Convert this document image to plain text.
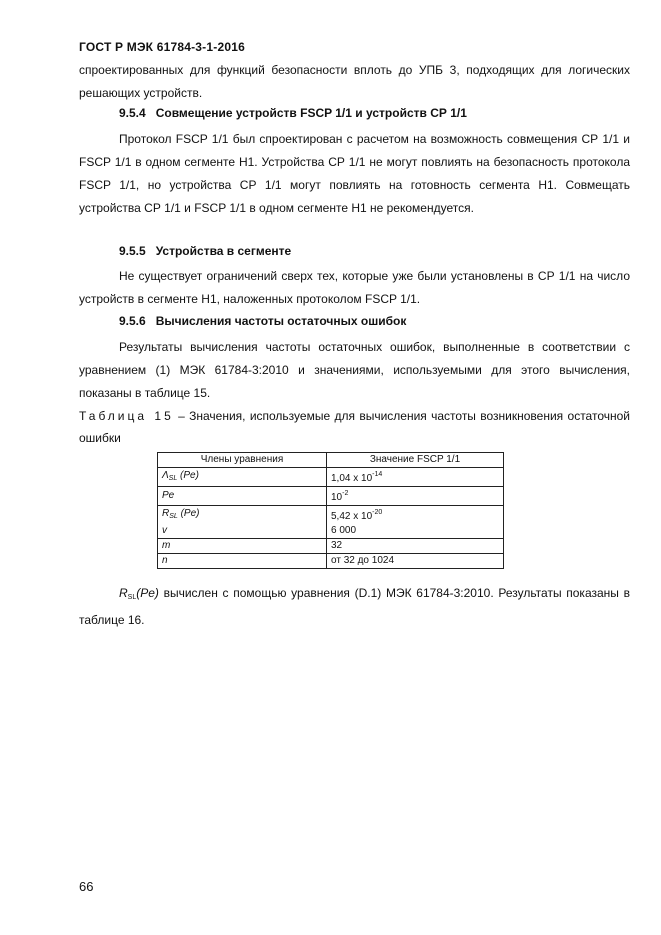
ГОСТ Р МЭК 61784-3-1-2016
спроектированных для функций безопасности вплоть до УПБ 3, подходящих для логических решающих устройств.
9.5.4 Совмещение устройств FSCP 1/1 и устройств СР 1/1
Протокол FSCP 1/1 был спроектирован с расчетом на возможность совмещения СР 1/1 и FSCP 1/1 в одном сегменте H1. Устройства СР 1/1 не могут повлиять на безопасность протокола FSCP 1/1, но устройства СР 1/1 могут повлиять на готовность сегмента H1. Совмещать устройства СР 1/1 и FSCP 1/1 в одном сегменте H1 не рекомендуется.
9.5.5 Устройства в сегменте
Не существует ограничений сверх тех, которые уже были установлены в СР 1/1 на число устройств в сегменте H1, наложенных протоколом FSCP 1/1.
9.5.6 Вычисления частоты остаточных ошибок
Результаты вычисления частоты остаточных ошибок, выполненные в соответствии с уравнением (1) МЭК 61784-3:2010 и значениями, используемыми для этого вычисления, показаны в таблице 15.
Таблица 15 – Значения, используемые для вычисления частоты возникновения остаточной ошибки
Члены уравнения	Значение FSCP 1/1
$\Lambda_{SL}$ (Pe)	1,04 x $10^{-14}$
Pe	$10^{-2}$
$R_{SL}$ (Pe)	5,42 x $10^{-20}$
v	6 000
m	32
n	от 32 до 1024
$R_{SL}(Pe)$ вычислен с помощью уравнения (D.1) МЭК 61784-3:2010. Результаты показаны в таблице 16.
66
